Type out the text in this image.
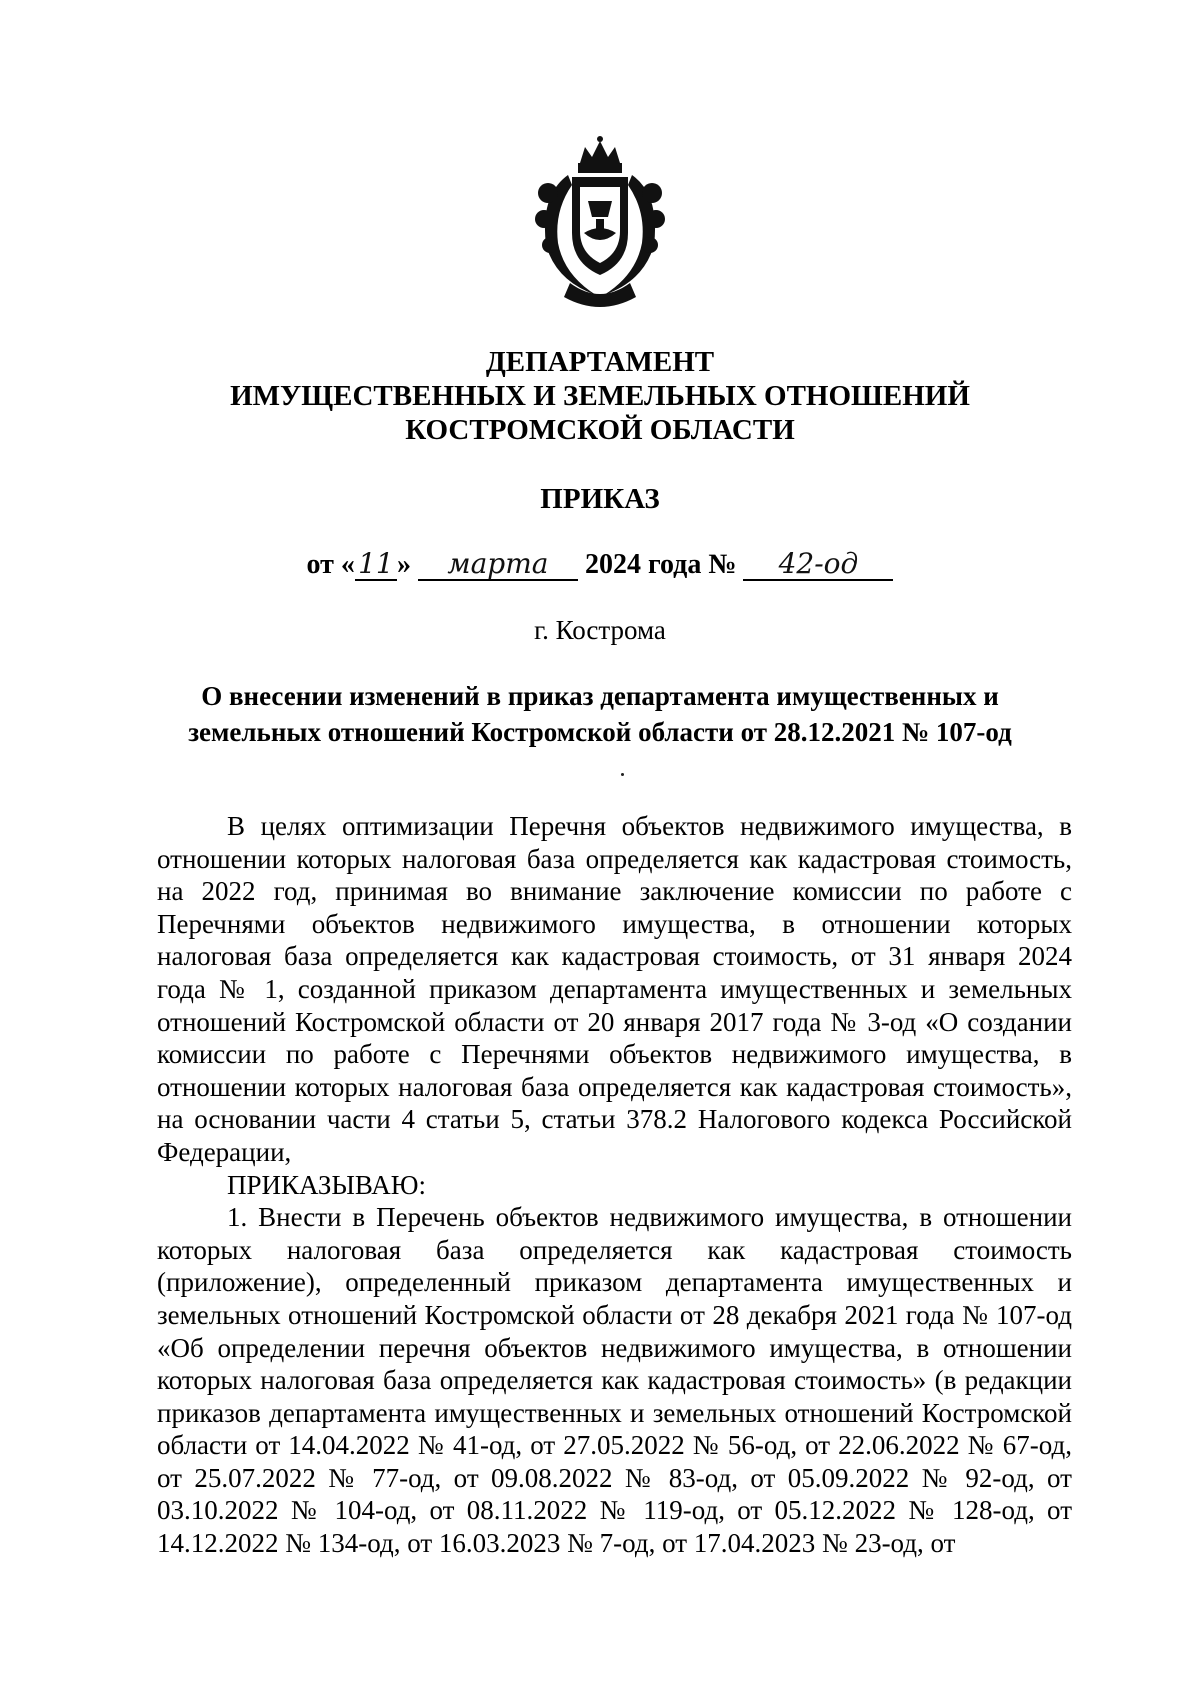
ДЕПАРТАМЕНТ
ИМУЩЕСТВЕННЫХ И ЗЕМЕЛЬНЫХ ОТНОШЕНИЙ
КОСТРОМСКОЙ ОБЛАСТИ
ПРИКАЗ
от « 11 » марта 2024 года № 42-од
г. Кострома
О внесении изменений в приказ департамента имущественных и
земельных отношений Костромской области от 28.12.2021 № 107-од

В целях оптимизации Перечня объектов недвижимого имущества, в отношении которых налоговая база определяется как кадастровая стоимость, на 2022 год, принимая во внимание заключение комиссии по работе с Перечнями объектов недвижимого имущества, в отношении которых налоговая база определяется как кадастровая стоимость, от 31 января 2024 года № 1, созданной приказом департамента имущественных и земельных отношений Костромской области от 20 января 2017 года № 3-од «О создании комиссии по работе с Перечнями объектов недвижимого имущества, в отношении которых налоговая база определяется как кадастровая стоимость», на основании части 4 статьи 5, статьи 378.2 Налогового кодекса Российской Федерации,

ПРИКАЗЫВАЮ:

1. Внести в Перечень объектов недвижимого имущества, в отношении которых налоговая база определяется как кадастровая стоимость (приложение), определенный приказом департамента имущественных и земельных отношений Костромской области от 28 декабря 2021 года № 107-од «Об определении перечня объектов недвижимого имущества, в отношении которых налоговая база определяется как кадастровая стоимость» (в редакции приказов департамента имущественных и земельных отношений Костромской области от 14.04.2022 № 41-од, от 27.05.2022 № 56-од, от 22.06.2022 № 67-од, от 25.07.2022 № 77-од, от 09.08.2022 № 83-од, от 05.09.2022 № 92-од, от 03.10.2022 № 104-од, от 08.11.2022 № 119-од, от 05.12.2022 № 128-од, от 14.12.2022 № 134-од, от 16.03.2023 № 7-од, от 17.04.2023 № 23-од, от
